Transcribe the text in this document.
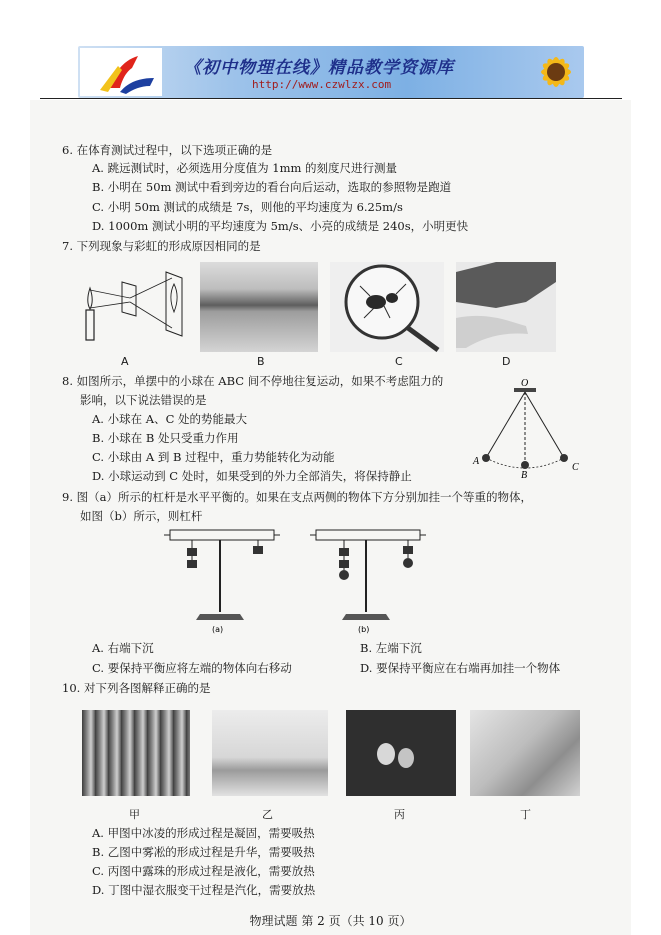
《初中物理在线》精品教学资源库
http://www.czwlzx.com
6. 在体育测试过程中，以下选项正确的是
A. 跳远测试时，必须选用分度值为 1mm 的刻度尺进行测量
B. 小明在 50m 测试中看到旁边的看台向后运动，选取的参照物是跑道
C. 小明 50m 测试的成绩是 7s，则他的平均速度为 6.25m/s
D. 1000m 测试小明的平均速度为 5m/s、小亮的成绩是 240s，小明更快
7. 下列现象与彩虹的形成原因相同的是
A	B	C	D
8. 如图所示，单摆中的小球在 ABC 间不停地往复运动，如果不考虑阻力的
影响，以下说法错误的是
A. 小球在 A、C 处的势能最大
B. 小球在 B 处只受重力作用
C. 小球由 A 到 B 过程中，重力势能转化为动能
D. 小球运动到 C 处时，如果受到的外力全部消失，将保持静止
O
A
B
C
9. 图（a）所示的杠杆是水平平衡的。如果在支点两侧的物体下方分别加挂一个等重的物体，
如图（b）所示，则杠杆
(a)	(b)
A. 右端下沉	B. 左端下沉
C. 要保持平衡应将左端的物体向右移动	D. 要保持平衡应在右端再加挂一个物体
10. 对下列各图解释正确的是
甲	乙	丙	丁
A. 甲图中冰凌的形成过程是凝固，需要吸热
B. 乙图中雾凇的形成过程是升华，需要吸热
C. 丙图中露珠的形成过程是液化，需要放热
D. 丁图中湿衣服变干过程是汽化，需要放热
物理试题 第 2 页（共 10 页）
